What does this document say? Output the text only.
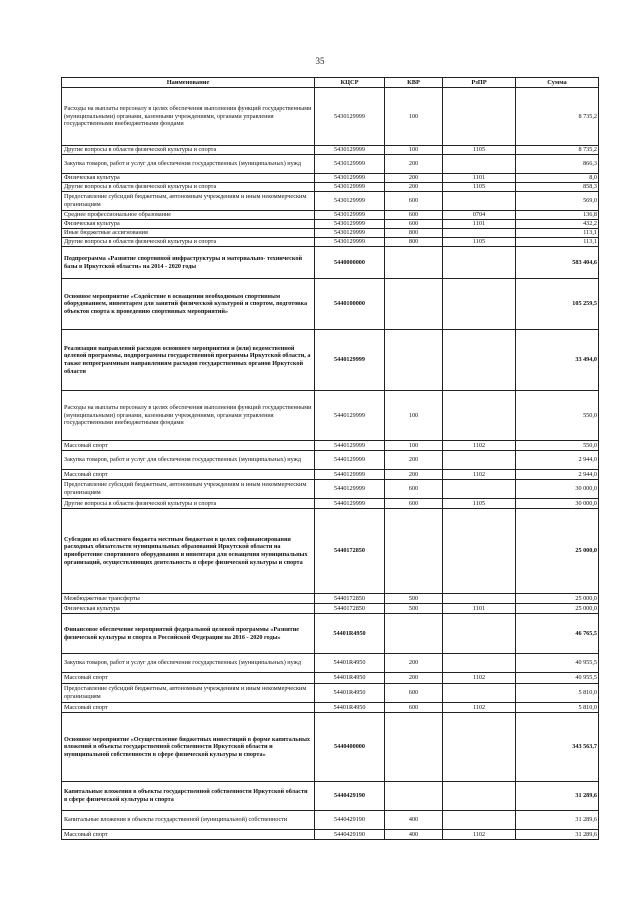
35
Наименование	КЦСР	КВР	РзПР	Сумма
Расходы на выплаты персоналу в целях обеспечения выполнения функций государственными (муниципальными) органами, казенными учреждениями, органами управления государственными внебюджетными фондами	5430129999	100		8 735,2
Другие вопросы в области физической культуры и спорта	5430129999	100	1105	8 735,2
Закупка товаров, работ и услуг для обеспечения государственных (муниципальных) нужд	5430129999	200		866,3
Физическая культура	5430129999	200	1101	8,0
Другие вопросы в области физической культуры и спорта	5430129999	200	1105	858,3
Предоставление субсидий бюджетным, автономным учреждениям и иным некоммерческим организациям	5430129999	600		569,0
Среднее профессиональное образование	5430129999	600	0704	136,8
Физическая культура	5430129999	600	1101	432,2
Иные бюджетные ассигнования	5430129999	800		113,1
Другие вопросы в области физической культуры и спорта	5430129999	800	1105	113,1
Подпрограмма «Развитие спортивной инфраструктуры и материально- технической базы в Иркутской области» на 2014 - 2020 годы	5440000000			583 404,6
Основное мероприятие «Содействие в оснащении необходимым спортивным оборудованием, инвентарем для занятий физической культурой и спортом, подготовка объектов спорта к проведению спортивных мероприятий»	5440100000			105 259,5
Реализация направлений расходов основного мероприятия и (или) ведомственной целевой программы, подпрограммы государственной программы Иркутской области, а также непрограммным направлениям расходов государственных органов Иркутской области	5440129999			33 494,0
Расходы на выплаты персоналу в целях обеспечения выполнения функций государственными (муниципальными) органами, казенными учреждениями, органами управления государственными внебюджетными фондами	5440129999	100		550,0
Массовый спорт	5440129999	100	1102	550,0
Закупка товаров, работ и услуг для обеспечения государственных (муниципальных) нужд	5440129999	200		2 944,0
Массовый спорт	5440129999	200	1102	2 944,0
Предоставление субсидий бюджетным, автономным учреждениям и иным некоммерческим организациям	5440129999	600		30 000,0
Другие вопросы в области физической культуры и спорта	5440129999	600	1105	30 000,0
Субсидии из областного бюджета местным бюджетам в целях софинансирования расходных обязательств муниципальных образований Иркутской области на приобретение спортивного оборудования и инвентаря для оснащения муниципальных организаций, осуществляющих деятельность в сфере физической культуры и спорта	5440172850			25 000,0
Межбюджетные трансферты	5440172850	500		25 000,0
Физическая культура	5440172850	500	1101	25 000,0
Финансовое обеспечение мероприятий федеральной целевой программы «Развитие физической культуры и спорта в Российской Федерации на 2016 - 2020 годы»	54401R4950			46 765,5
Закупка товаров, работ и услуг для обеспечения государственных (муниципальных) нужд	54401R4950	200		40 955,5
Массовый спорт	54401R4950	200	1102	40 955,5
Предоставление субсидий бюджетным, автономным учреждениям и иным некоммерческим организациям	54401R4950	600		5 810,0
Массовый спорт	54401R4950	600	1102	5 810,0
Основное мероприятие «Осуществление бюджетных инвестиций в форме капитальных вложений в объекты государственной собственности Иркутской области и муниципальной собственности в сфере физической культуры и спорта»	5440400000			343 563,7
Капитальные вложения в объекты государственной собственности Иркутской области в сфере физической культуры и спорта	5440429190			31 289,6
Капитальные вложения в объекты государственной (муниципальной) собственности	5440429190	400		31 289,6
Массовый спорт	5440429190	400	1102	31 289,6
